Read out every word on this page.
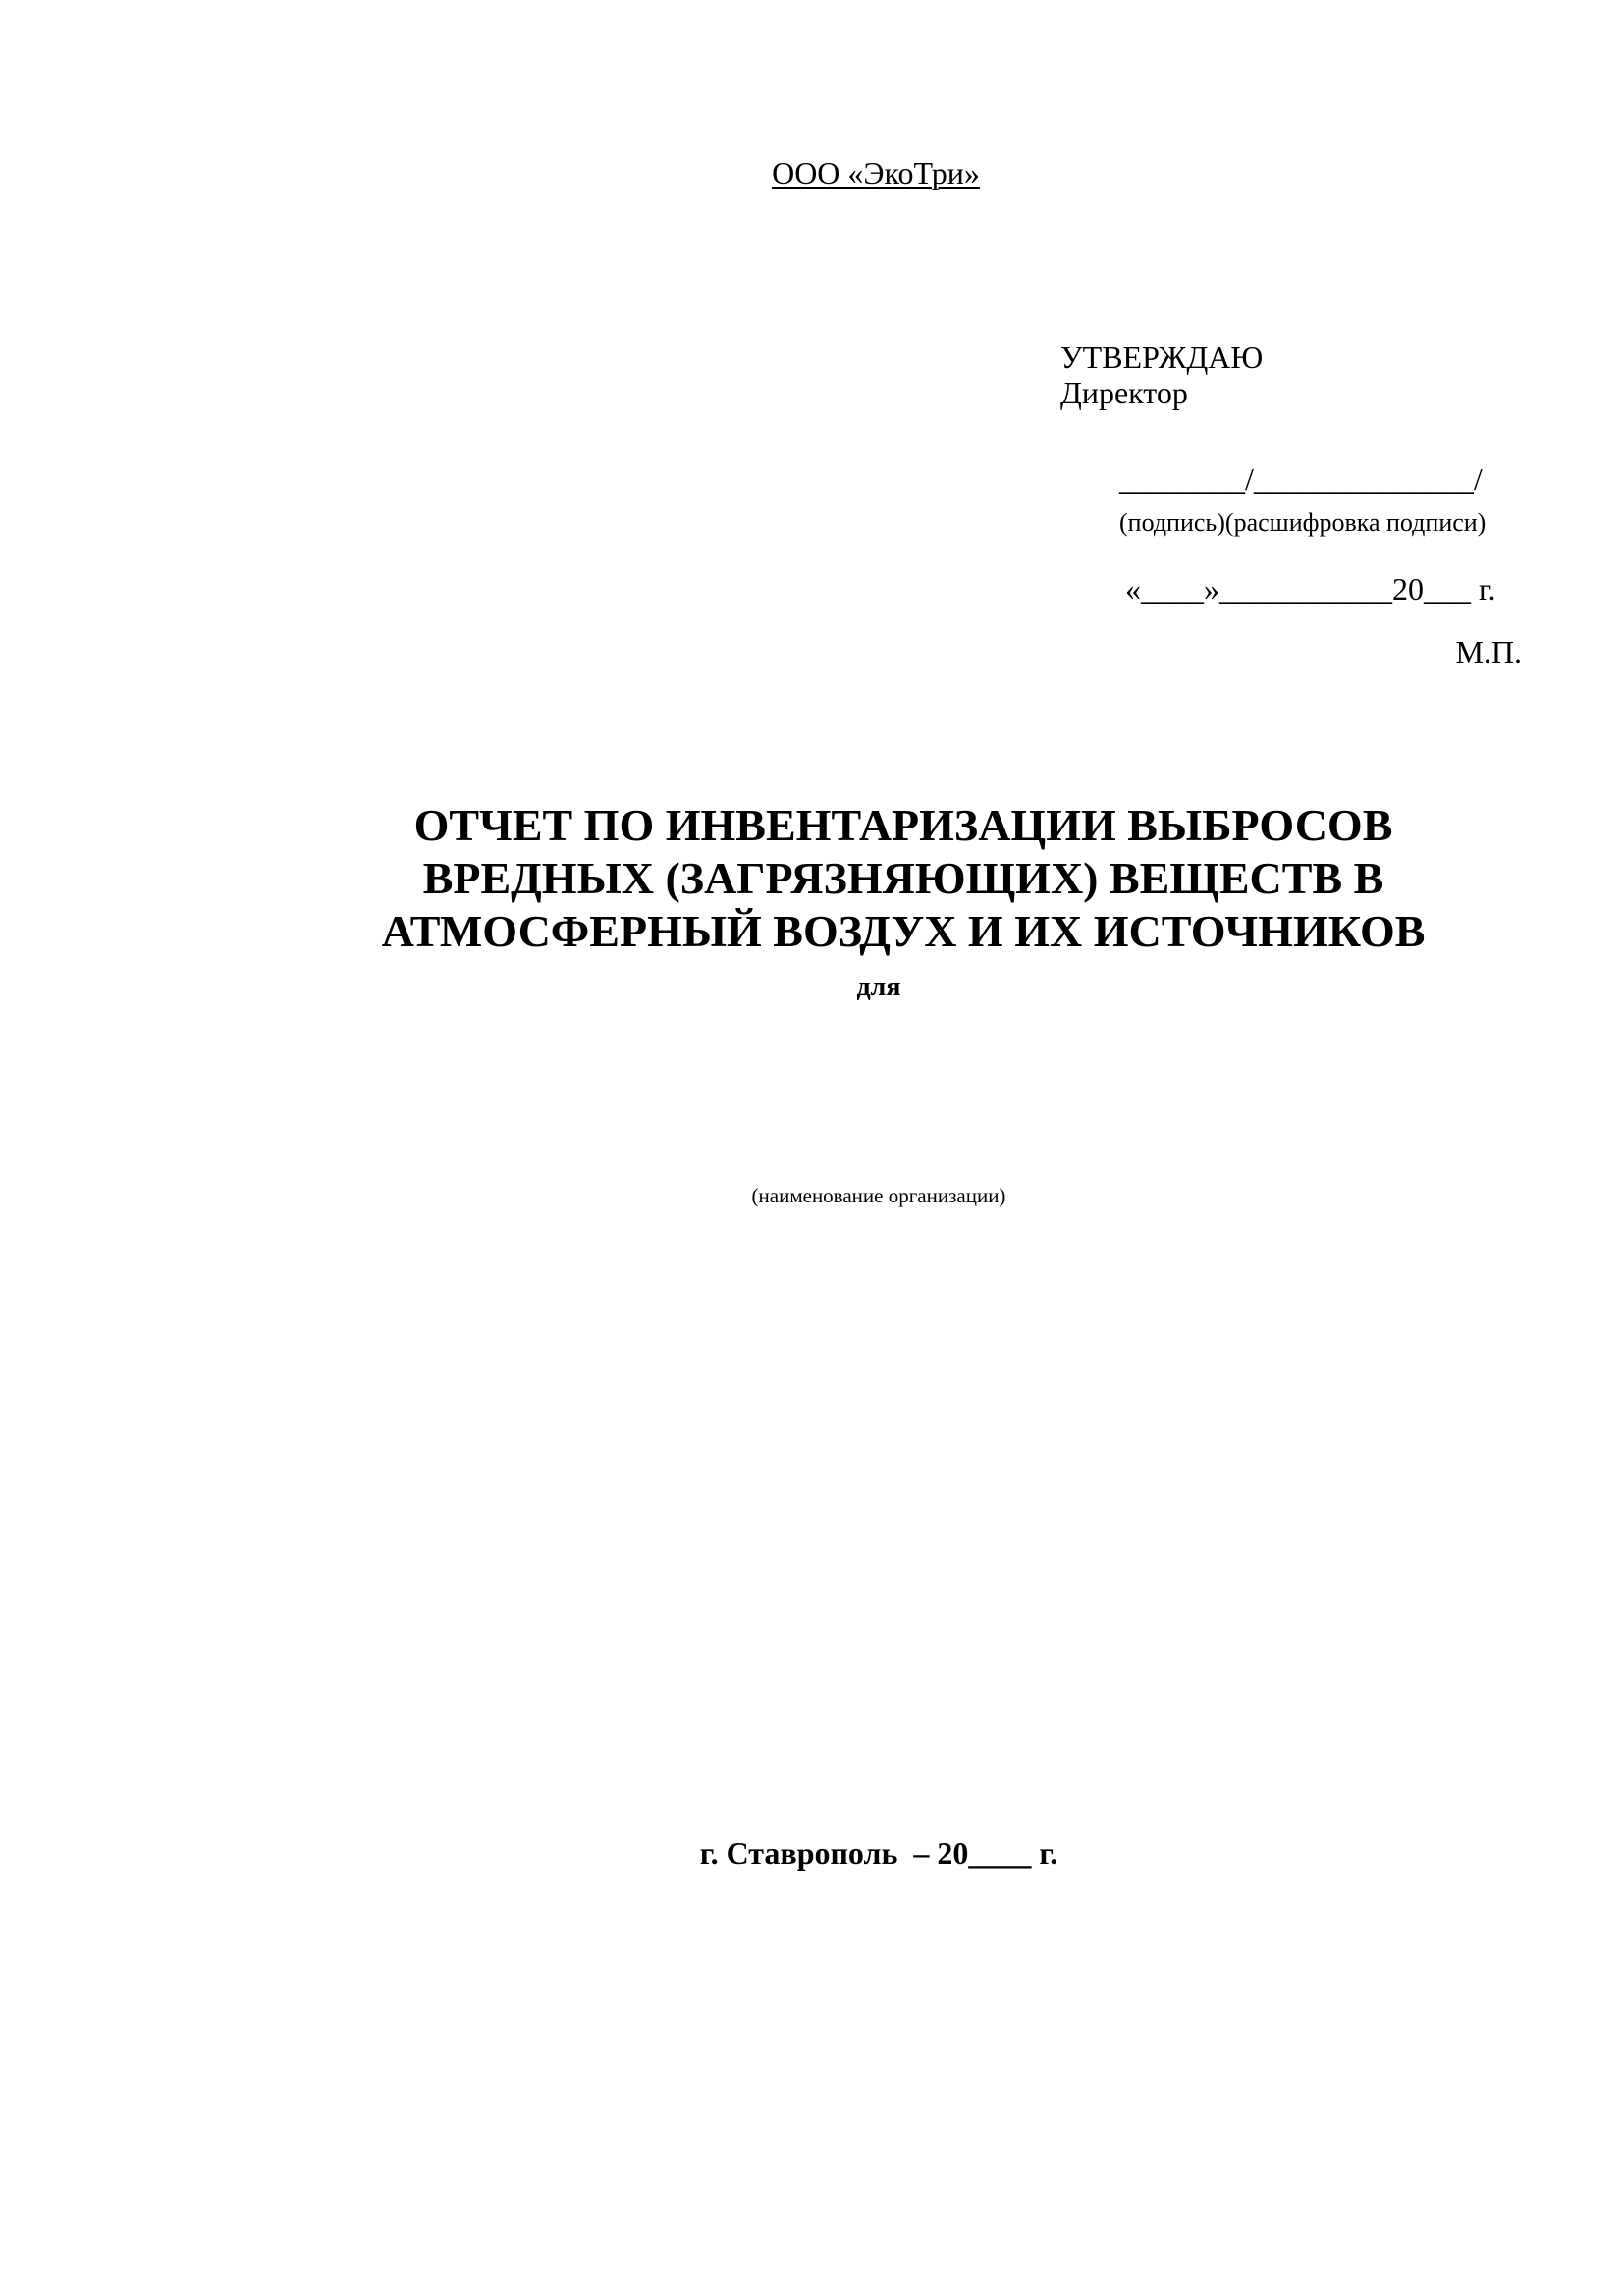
ООО «ЭкоТри»
УТВЕРЖДАЮ
Директор
________/______________/
(подпись)(расшифровка подписи)
«____»___________20___ г.
М.П.
ОТЧЕТ ПО ИНВЕНТАРИЗАЦИИ ВЫБРОСОВ
ВРЕДНЫХ (ЗАГРЯЗНЯЮЩИХ) ВЕЩЕСТВ В
АТМОСФЕРНЫЙ ВОЗДУХ И ИХ ИСТОЧНИКОВ
для
(наименование организации)
г. Ставрополь  – 20____ г.
